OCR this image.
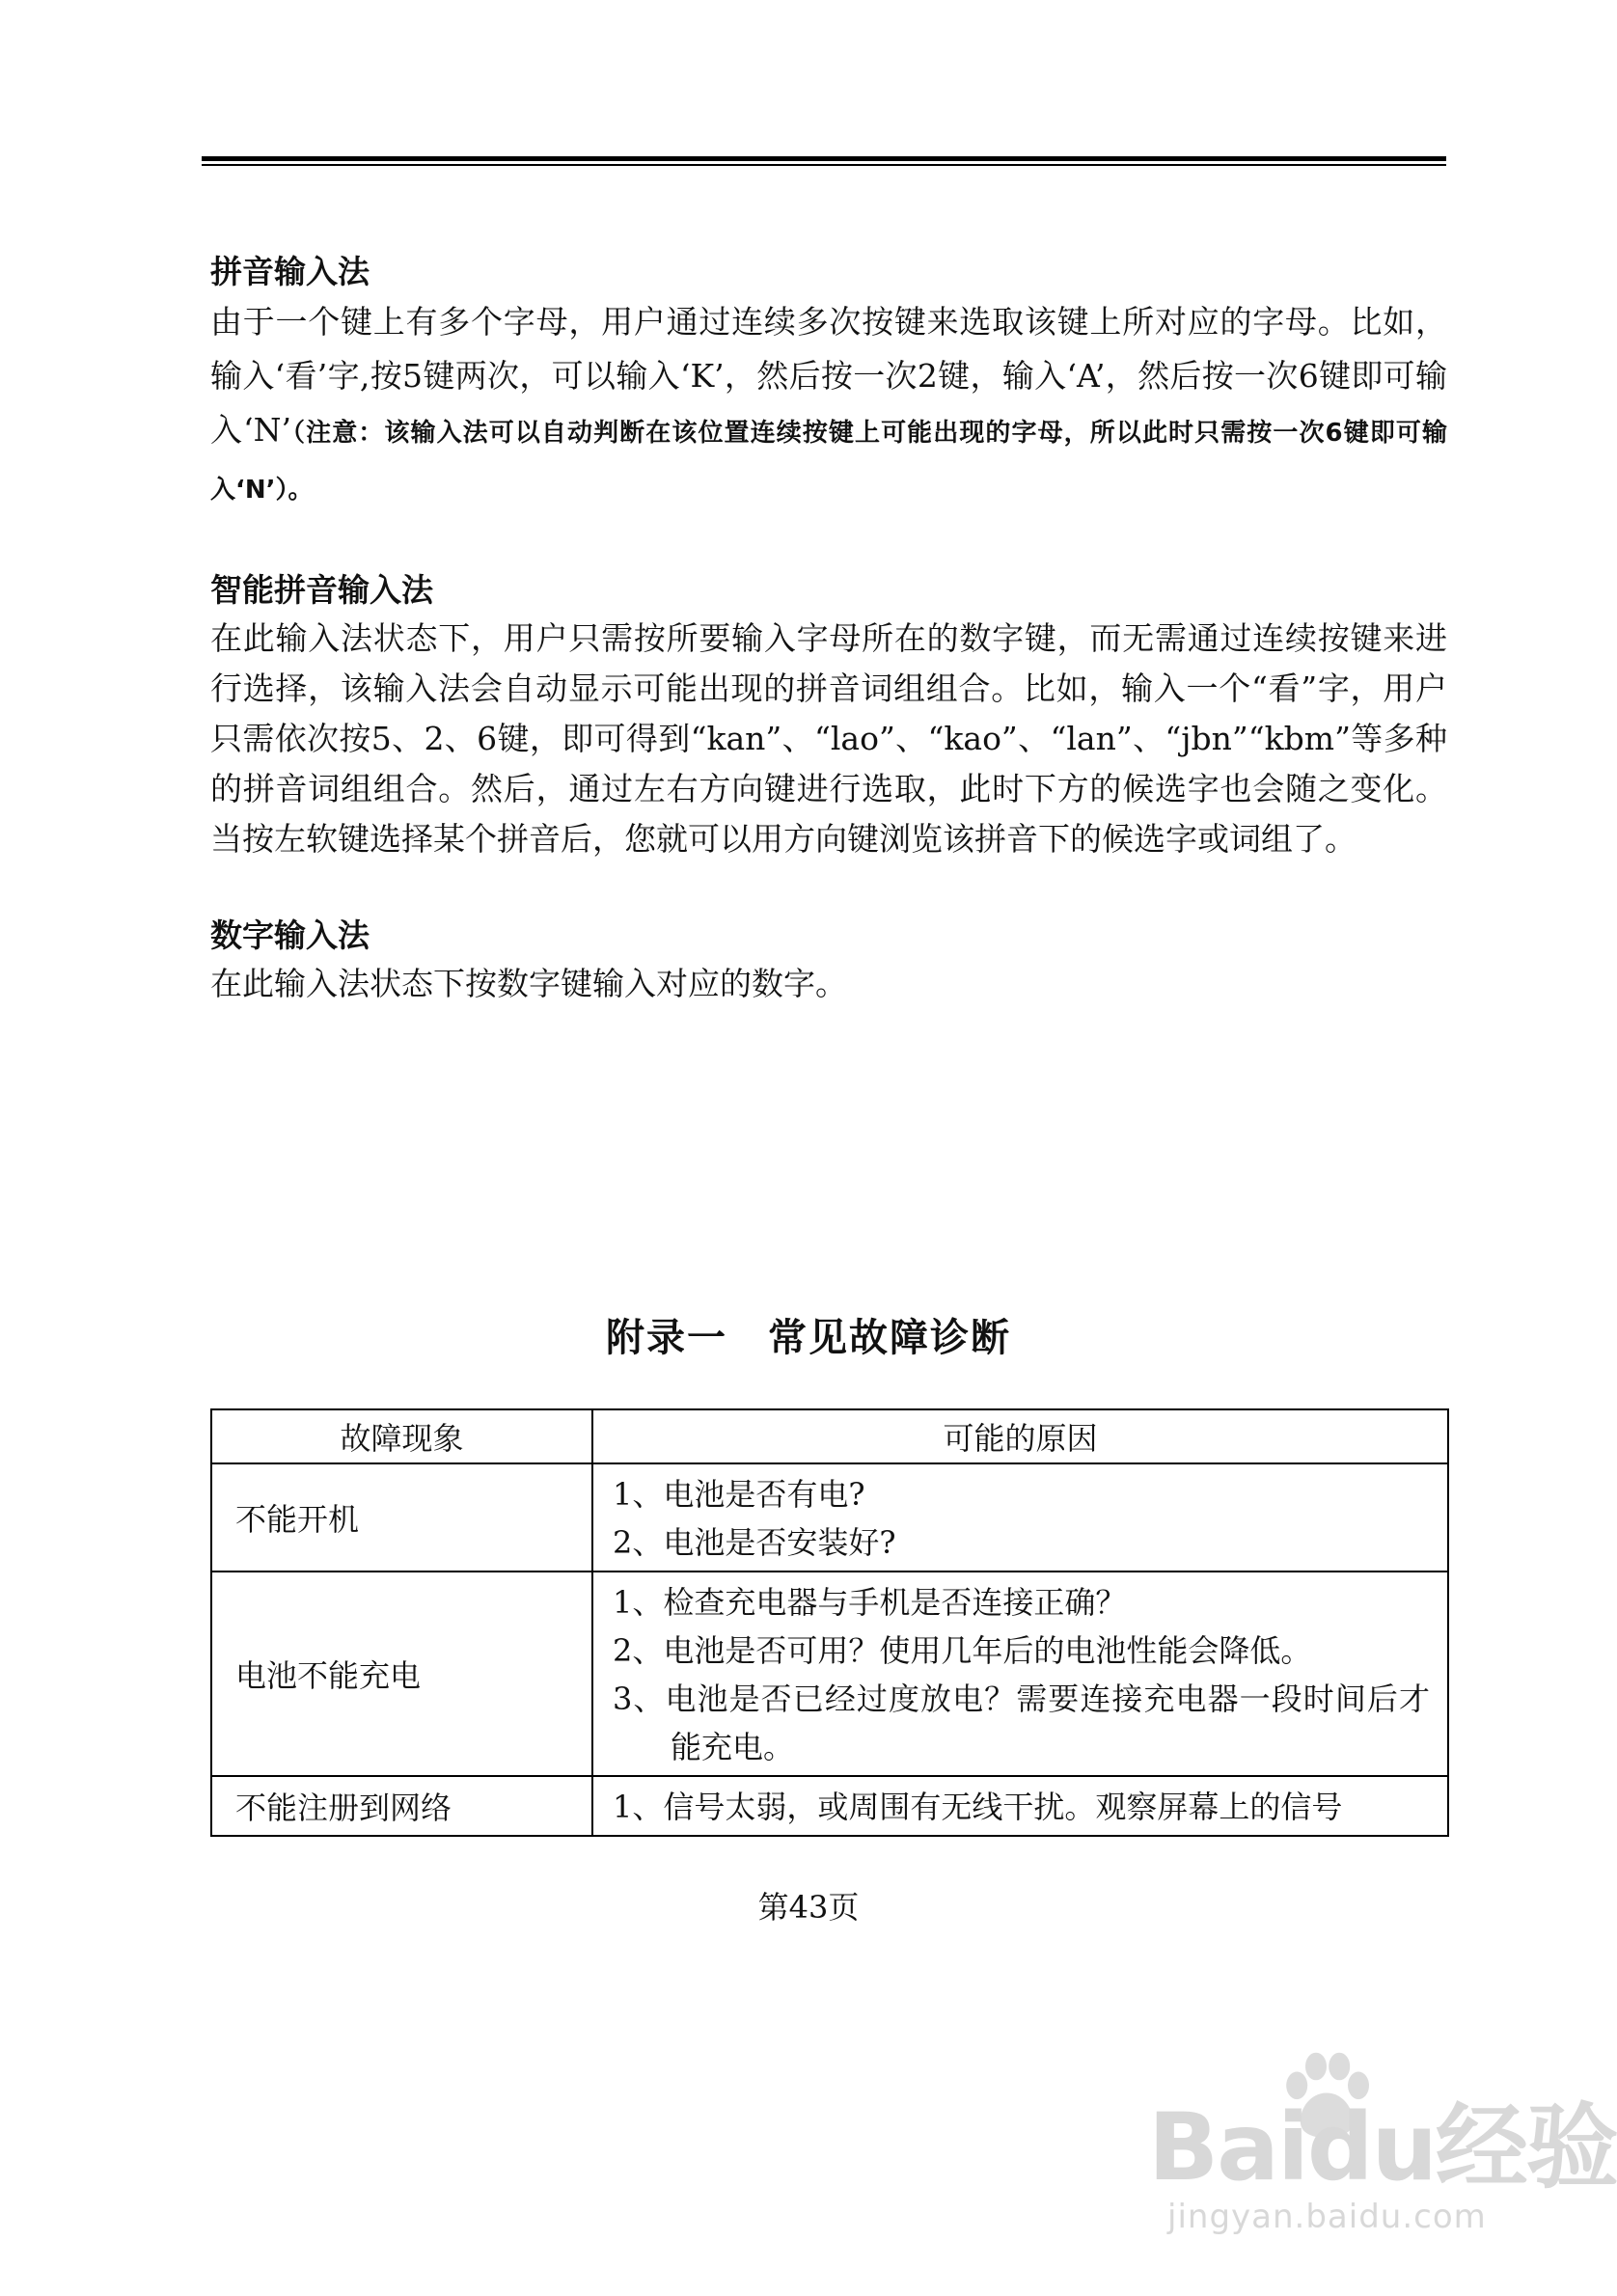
拼音输入法

由于一个键上有多个字母，用户通过连续多次按键来选取该键上所对应的字母。比如，输入‘看’字,按5键两次，可以输入‘K’，然后按一次2键，输入‘A’，然后按一次6键即可输入‘N’（注意：该输入法可以自动判断在该位置连续按键上可能出现的字母，所以此时只需按一次6键即可输入‘N’）。

智能拼音输入法

在此输入法状态下，用户只需按所要输入字母所在的数字键，而无需通过连续按键来进行选择，该输入法会自动显示可能出现的拼音词组组合。比如，输入一个“看”字，用户只需依次按5、2、6键，即可得到“kan”、“lao”、“kao”、“lan”、“jbn”“kbm”等多种的拼音词组组合。然后，通过左右方向键进行选取，此时下方的候选字也会随之变化。当按左软键选择某个拼音后，您就可以用方向键浏览该拼音下的候选字或词组了。

数字输入法

在此输入法状态下按数字键输入对应的数字。

附录一　常见故障诊断
故障现象	可能的原因
不能开机	1、电池是否有电?
2、电池是否安装好?

电池不能充电	1、检查充电器与手机是否连接正确？
2、电池是否可用？使用几年后的电池性能会降低。
3、电池是否已经过度放电？需要连接充电器一段时间后才能充电。

不能注册到网络	1、信号太弱，或周围有无线干扰。观察屏幕上的信号
第43页
Baidu经验
jingyan.baidu.com
